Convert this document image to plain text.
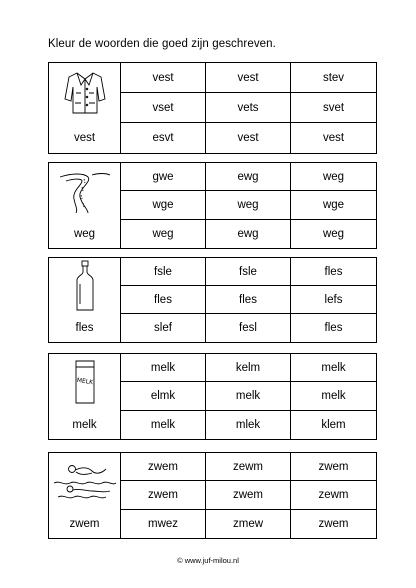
Kleur de woorden die goed zijn geschreven.
vest
vest	vest	stev
vset	vets	svet
esvt	vest	vest
weg
gwe	ewg	weg
wge	weg	wge
weg	ewg	weg
fles
fsle	fsle	fles
fles	fles	lefs
slef	fesl	fles
MELK
melk
melk	kelm	melk
elmk	melk	melk
melk	mlek	klem
zwem
zwem	zewm	zwem
zwem	zwem	zewm
mwez	zmew	zwem
© www.juf-milou.nl
